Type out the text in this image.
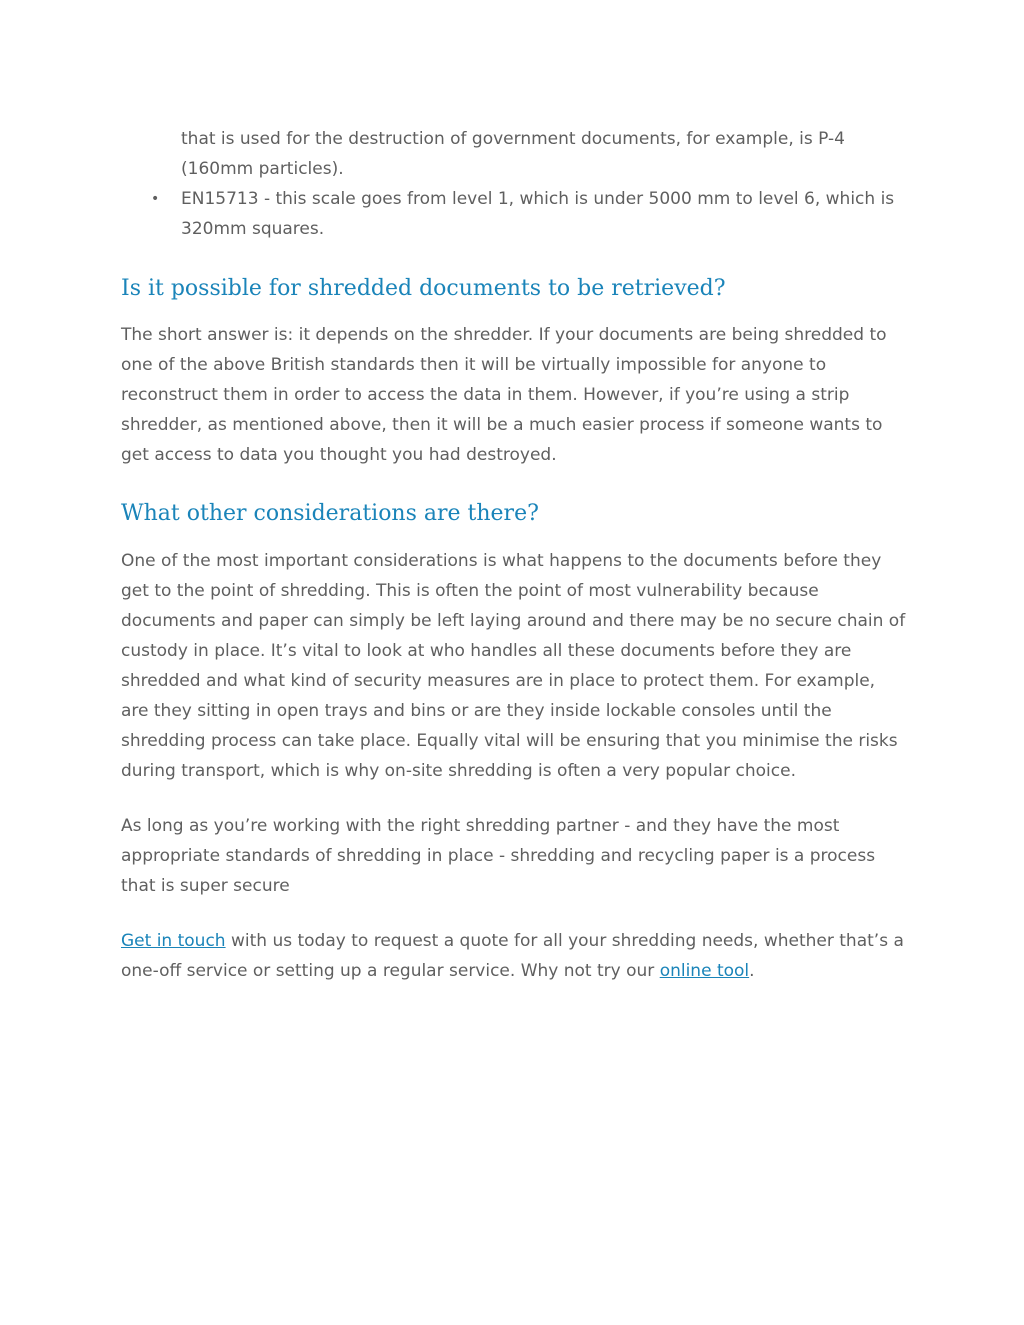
that is used for the destruction of government documents, for example, is P-4 (160mm particles).

• EN15713 - this scale goes from level 1, which is under 5000 mm to level 6, which is 320mm squares.
Is it possible for shredded documents to be retrieved?

The short answer is: it depends on the shredder. If your documents are being shredded to one of the above British standards then it will be virtually impossible for anyone to reconstruct them in order to access the data in them. However, if you’re using a strip shredder, as mentioned above, then it will be a much easier process if someone wants to get access to data you thought you had destroyed.

What other considerations are there?

One of the most important considerations is what happens to the documents before they get to the point of shredding. This is often the point of most vulnerability because documents and paper can simply be left laying around and there may be no secure chain of custody in place. It’s vital to look at who handles all these documents before they are shredded and what kind of security measures are in place to protect them. For example, are they sitting in open trays and bins or are they inside lockable consoles until the shredding process can take place. Equally vital will be ensuring that you minimise the risks during transport, which is why on-site shredding is often a very popular choice.

As long as you’re working with the right shredding partner - and they have the most appropriate standards of shredding in place - shredding and recycling paper is a process that is super secure

Get in touch with us today to request a quote for all your shredding needs, whether that’s a one-off service or setting up a regular service. Why not try our online tool.
